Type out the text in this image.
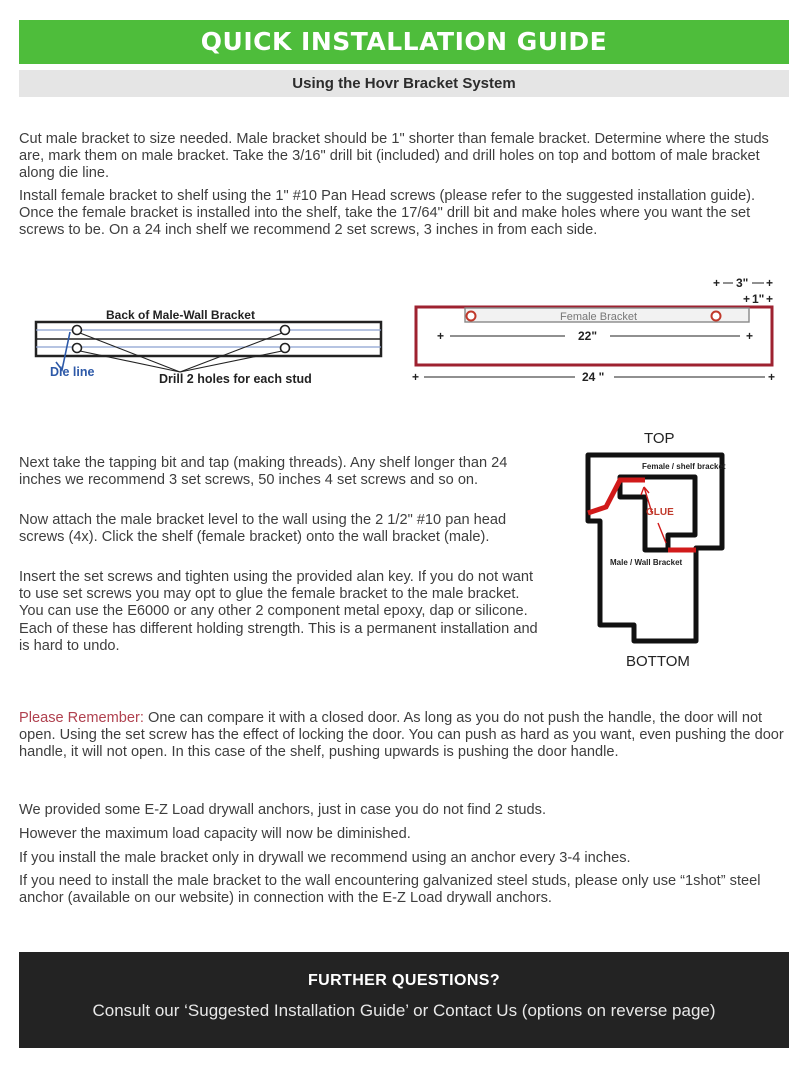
QUICK INSTALLATION GUIDE
Using the Hovr Bracket System

Cut male bracket to size needed. Male bracket should be 1" shorter than female bracket. Determine where the studs are, mark them on male bracket. Take the 3/16" drill bit (included) and drill holes on top and bottom of male bracket along die line.

Install female bracket to shelf using the 1" #10 Pan Head screws (please refer to the suggested installation guide). Once the female bracket is installed into the shelf, take the 17/64" drill bit and make holes where you want the set screws to be. On a 24 inch shelf we recommend 2 set screws, 3 inches in from each side.

Back of Male-Wall Bracket
Die line	Drill 2 holes for each stud
+ 3" +
+ 1" +
Female Bracket
+	22"	+
+	24 "	+

Next take the tapping bit and tap (making threads). Any shelf longer than 24 inches we recommend 3 set screws, 50 inches 4 set screws and so on.

Now attach the male bracket level to the wall using the 2 1/2" #10 pan head screws (4x). Click the shelf (female bracket) onto the wall bracket (male).

Insert the set screws and tighten using the provided alan key. If you do not want to use set screws you may opt to glue the female bracket to the male bracket. You can use the E6000 or any other 2 component metal epoxy, dap or silicone. Each of these has different holding strength. This is a permanent installation and is hard to undo.

TOP
Female / shelf bracket
GLUE
Male / Wall Bracket
BOTTOM

Please Remember: One can compare it with a closed door. As long as you do not push the handle, the door will not open. Using the set screw has the effect of locking the door. You can push as hard as you want, even pushing the door handle, it will not open. In this case of the shelf, pushing upwards is pushing the door handle.

We provided some E-Z Load drywall anchors, just in case you do not find 2 studs.

However the maximum load capacity will now be diminished.

If you install the male bracket only in drywall we recommend using an anchor every 3-4 inches.

If you need to install the male bracket to the wall encountering galvanized steel studs, please only use “1shot” steel anchor (available on our website) in connection with the E-Z Load drywall anchors.

FURTHER QUESTIONS?
Consult our ‘Suggested Installation Guide’ or Contact Us (options on reverse page)
